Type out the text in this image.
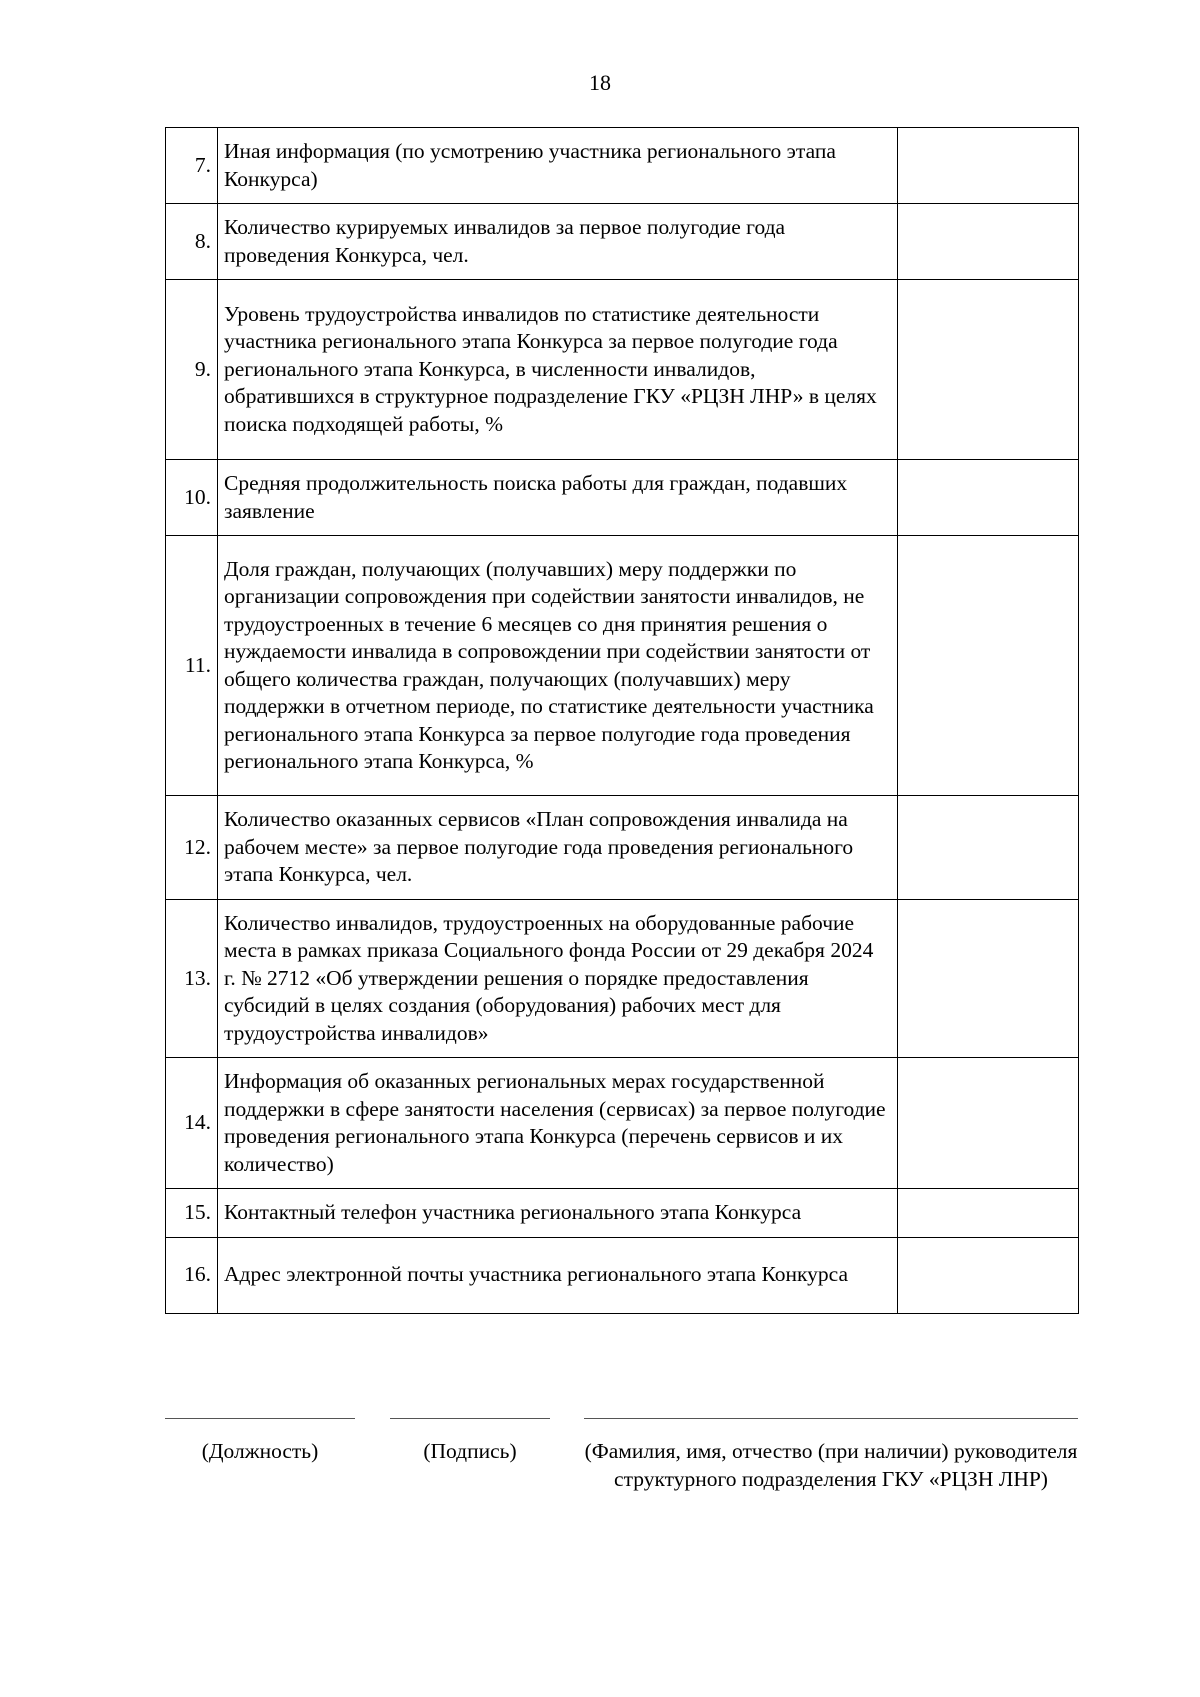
18
7.	Иная информация (по усмотрению участника регионального этапа Конкурса)	
8.	Количество курируемых инвалидов за первое полугодие года проведения Конкурса, чел.	
9.	Уровень трудоустройства инвалидов по статистике деятельности участника регионального этапа Конкурса за первое полугодие года регионального этапа Конкурса, в численности инвалидов, обратившихся в структурное подразделение ГКУ «РЦЗН ЛНР» в целях поиска подходящей работы, %	
10.	Средняя продолжительность поиска работы для граждан, подавших заявление	
11.	Доля граждан, получающих (получавших) меру поддержки по организации сопровождения при содействии занятости инвалидов, не трудоустроенных в течение 6 месяцев со дня принятия решения о нуждаемости инвалида в сопровождении при содействии занятости от общего количества граждан, получающих (получавших) меру поддержки в отчетном периоде, по статистике деятельности участника регионального этапа Конкурса за первое полугодие года проведения регионального этапа Конкурса, %	
12.	Количество оказанных сервисов «План сопровождения инвалида на рабочем месте» за первое полугодие года проведения регионального этапа Конкурса, чел.	
13.	Количество инвалидов, трудоустроенных на оборудованные рабочие места в рамках приказа Социального фонда России от 29 декабря 2024 г. № 2712 «Об утверждении решения о порядке предоставления субсидий в целях создания (оборудования) рабочих мест для трудоустройства инвалидов»	
14.	Информация об оказанных региональных мерах государственной поддержки в сфере занятости населения (сервисах) за первое полугодие проведения регионального этапа Конкурса (перечень сервисов и их количество)	
15.	Контактный телефон участника регионального этапа Конкурса	
16.	Адрес электронной почты участника регионального этапа Конкурса	
(Должность)	(Подпись)	(Фамилия, имя, отчество (при наличии) руководителя структурного подразделения ГКУ «РЦЗН ЛНР)
